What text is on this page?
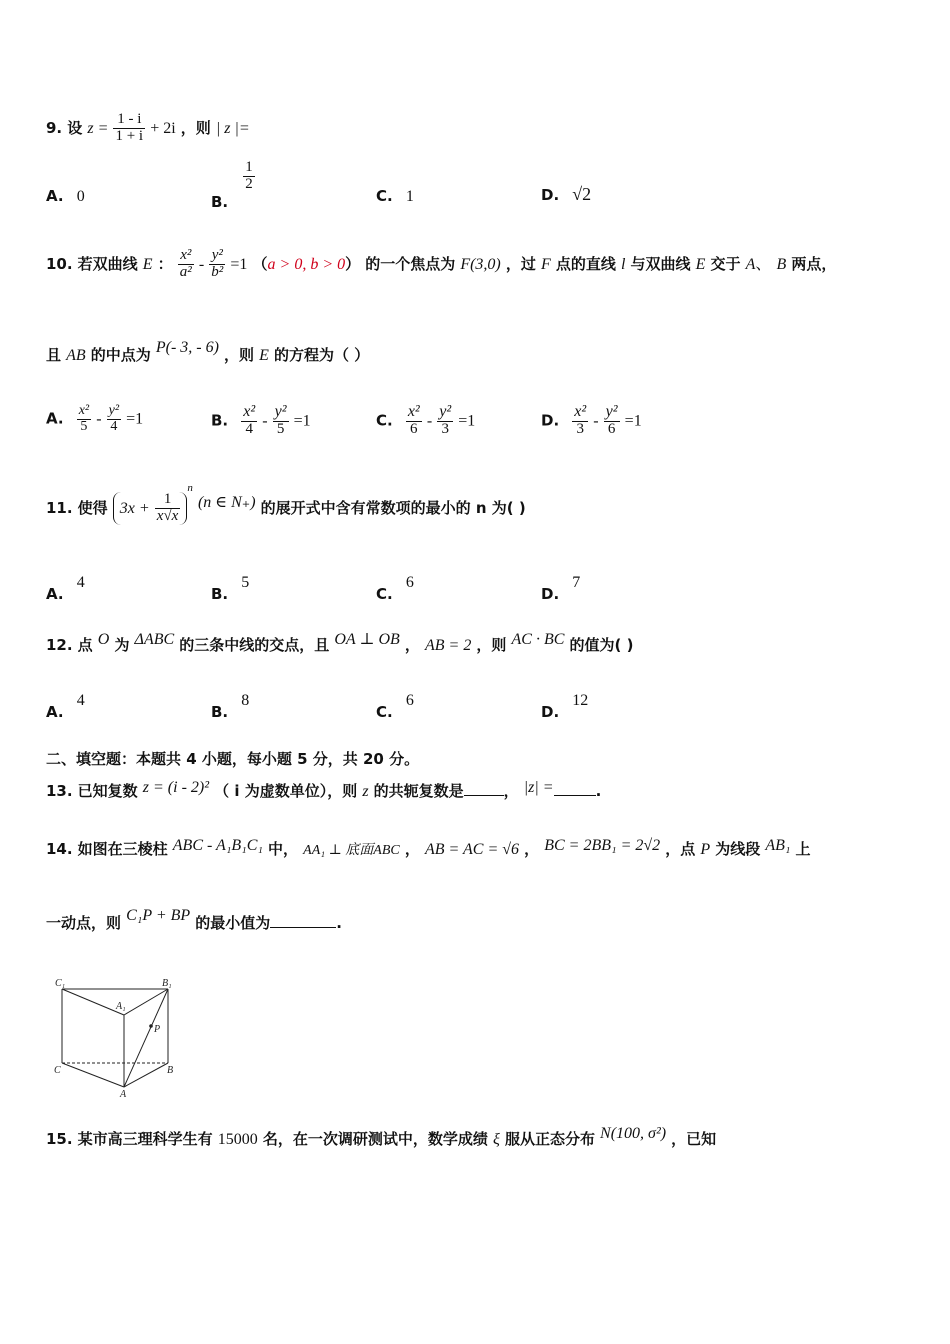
9. 设 $z = \frac{1 - i}{1 + i} + 2i$ ，则 | z |=
A. 0	B.
$\frac{1}{2}$
C. 1	D. √2
10. 若双曲线 E ： $\frac{\text{x²}}{\text{a²}} - \frac{\text{y²}}{\text{b²}} =1$ （a > 0, b > 0） 的一个焦点为 F(3,0) ，过 F 点的直线 l 与双曲线 E 交于 A、 B 两点，
且 AB 的中点为 P(- 3, - 6) ，则 E 的方程为（ ）
A. $\frac{\text{x²}}{5} - \frac{\text{y²}}{4} =1$	B. $\frac{\text{x²}}{4} - \frac{\text{y²}}{5} =1$	C. $\frac{\text{x²}}{6} - \frac{\text{y²}}{3} =1$	D. $\frac{\text{x²}}{3} - \frac{\text{y²}}{6} =1$
11. 使得 $3x + \frac{1}{x√x}$
$^n$ (n ∈ N₊) 的展开式中含有常数项的最小的 n 为( )
A. 4
B. 5
C. 6
D. 7
12. 点 O 为 ΔABC 的三条中线的交点，且 OA ⊥ OB ， AB = 2 ，则 AC · BC 的值为( )
A. 4
B. 8
C. 6
D. 12
二、填空题：本题共 4 小题，每小题 5 分，共 20 分。
13. 已知复数 z = (i - 2)² （ i 为虚数单位），则 z 的共轭复数是	， |z| =	.
14. 如图在三棱柱 ABC - A₁B₁C₁ 中， AA₁ ⊥ 底面ABC ， AB = AC = √6 ， BC = 2BB₁ = 2√2 ，点 P 为线段 AB₁ 上
一动点，则 C₁P + BP 的最小值为	.
C₁
A₁
B₁
P
C	B
A
15. 某市高三理科学生有 15000 名，在一次调研测试中，数学成绩 ξ 服从正态分布 N(100, σ²) ，已知
